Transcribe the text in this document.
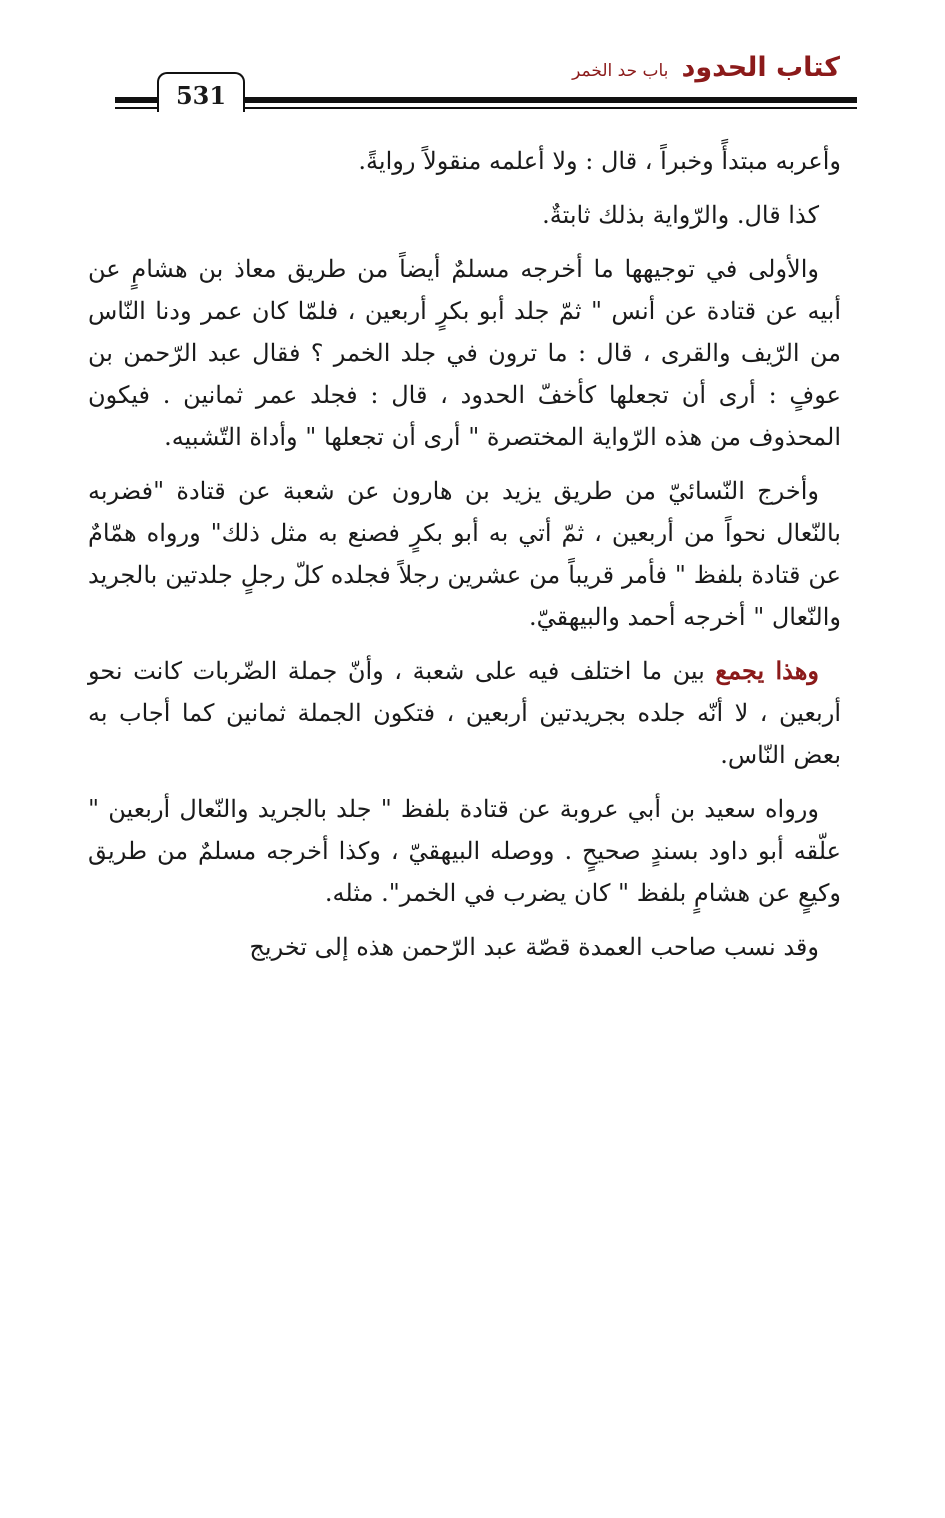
كتاب الحدود باب حد الخمر
531

وأعربه مبتدأً وخبراً ، قال : ولا أعلمه منقولاً روايةً.

كذا قال. والرّواية بذلك ثابتةٌ.

والأولى في توجيهها ما أخرجه مسلمٌ أيضاً من طريق معاذ بن هشامٍ عن أبيه عن قتادة عن أنس " ثمّ جلد أبو بكرٍ أربعين ، فلمّا كان عمر ودنا النّاس من الرّيف والقرى ، قال : ما ترون في جلد الخمر ؟ فقال عبد الرّحمن بن عوفٍ : أرى أن تجعلها كأخفّ الحدود ، قال : فجلد عمر ثمانين . فيكون المحذوف من هذه الرّواية المختصرة " أرى أن تجعلها " وأداة التّشبيه.

وأخرج النّسائيّ من طريق يزيد بن هارون عن شعبة عن قتادة "فضربه بالنّعال نحواً من أربعين ، ثمّ أتي به أبو بكرٍ فصنع به مثل ذلك" ورواه همّامٌ عن قتادة بلفظ " فأمر قريباً من عشرين رجلاً فجلده كلّ رجلٍ جلدتين بالجريد والنّعال " أخرجه أحمد والبيهقيّ.

وهذا يجمع بين ما اختلف فيه على شعبة ، وأنّ جملة الضّربات كانت نحو أربعين ، لا أنّه جلده بجريدتين أربعين ، فتكون الجملة ثمانين كما أجاب به بعض النّاس.

ورواه سعيد بن أبي عروبة عن قتادة بلفظ " جلد بالجريد والنّعال أربعين " علّقه أبو داود بسندٍ صحيحٍ . ووصله البيهقيّ ، وكذا أخرجه مسلمٌ من طريق وكيعٍ عن هشامٍ بلفظ " كان يضرب في الخمر". مثله.

وقد نسب صاحب العمدة قصّة عبد الرّحمن هذه إلى تخريج
